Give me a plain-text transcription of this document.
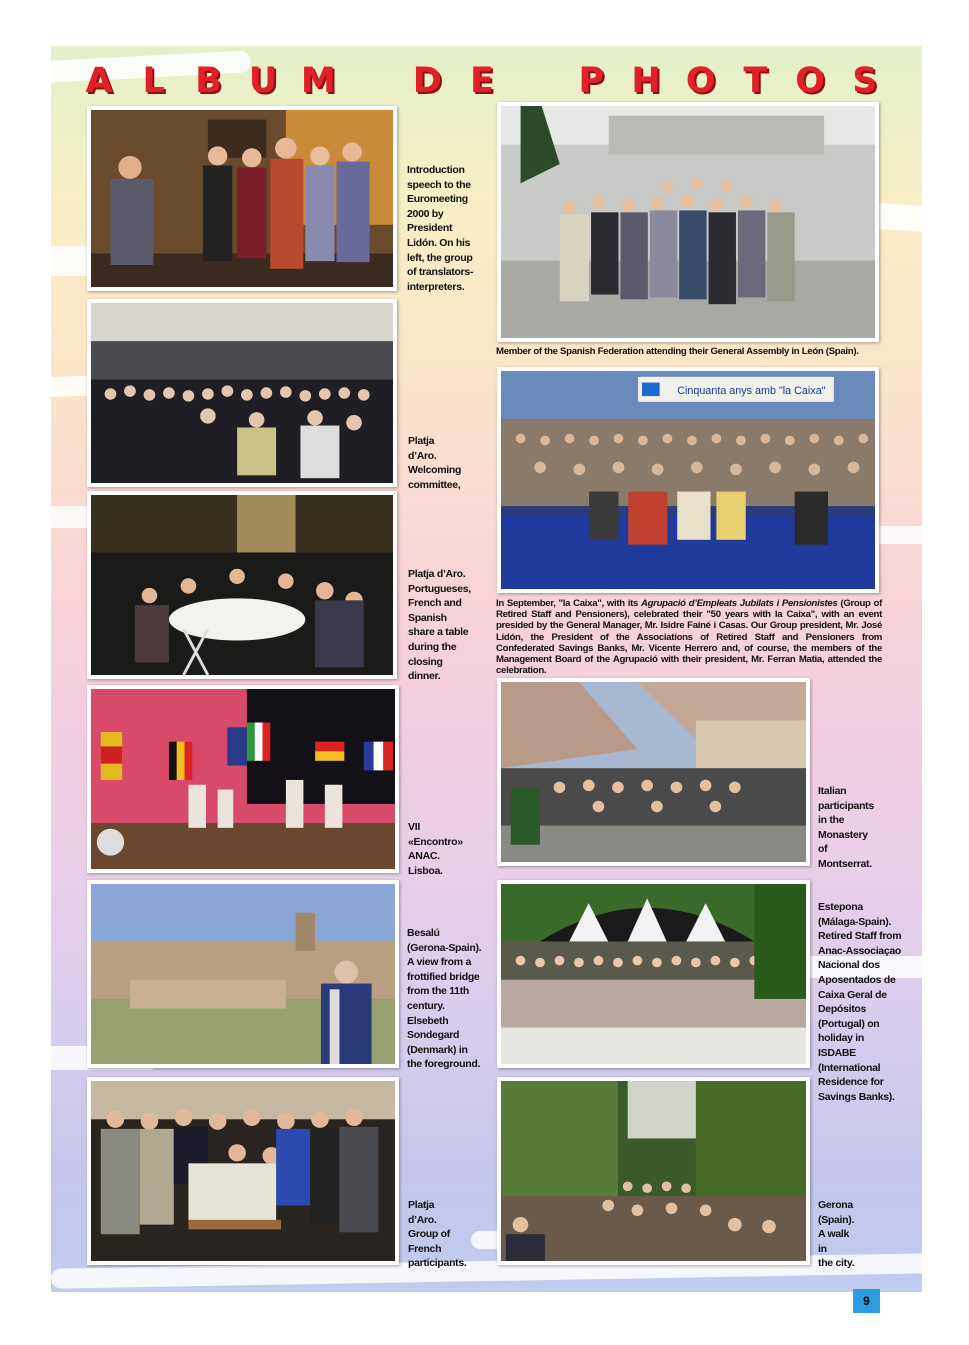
A L B U M D E P H O T O S
Introduction
speech to the
Euromeeting
2000 by
President
Lidón. On his
left, the group
of translators-
interpreters.
Platja
d’Aro.
Welcoming
committee,
Platja d’Aro.
Portugueses,
French and
Spanish
share a table
during the
closing
dinner.
VII
«Encontro»
ANAC.
Lisboa.
Besalú
(Gerona-Spain).
A view from a
frottified bridge
from the 11th
century.
Elsebeth
Sondegard
(Denmark) in
the foreground.
Platja
d’Aro.
Group of
French
participants.
Member of the Spanish Federation attending their General Assembly in León (Spain).
Cinquanta anys amb "la Caixa"
In September, "la Caixa", with its Agrupació d’Empleats Jubilats i Pensionistes (Group of Retired Staff and Pensioners), celebrated their "50 years with la Caixa", with an event presided by the General Manager, Mr. Isidre Fainé i Casas. Our Group president, Mr. José Lidón, the President of the Associations of Retired Staff and Pensioners from Confederated Savings Banks, Mr. Vicente Herrero and, of course, the members of the Management Board of the Agrupació with their president, Mr. Ferran Matia, attended the celebration.
Italian
participants
in the
Monastery
of
Montserrat.
Estepona
(Málaga-Spain).
Retired Staff from
Anac-Associaçao
Nacional dos
Aposentados de
Caixa Geral de
Depósitos
(Portugal) on
holiday in ISDABE
(International
Residence for
Savings Banks).
Gerona
(Spain).
A walk
in
the city.
9
